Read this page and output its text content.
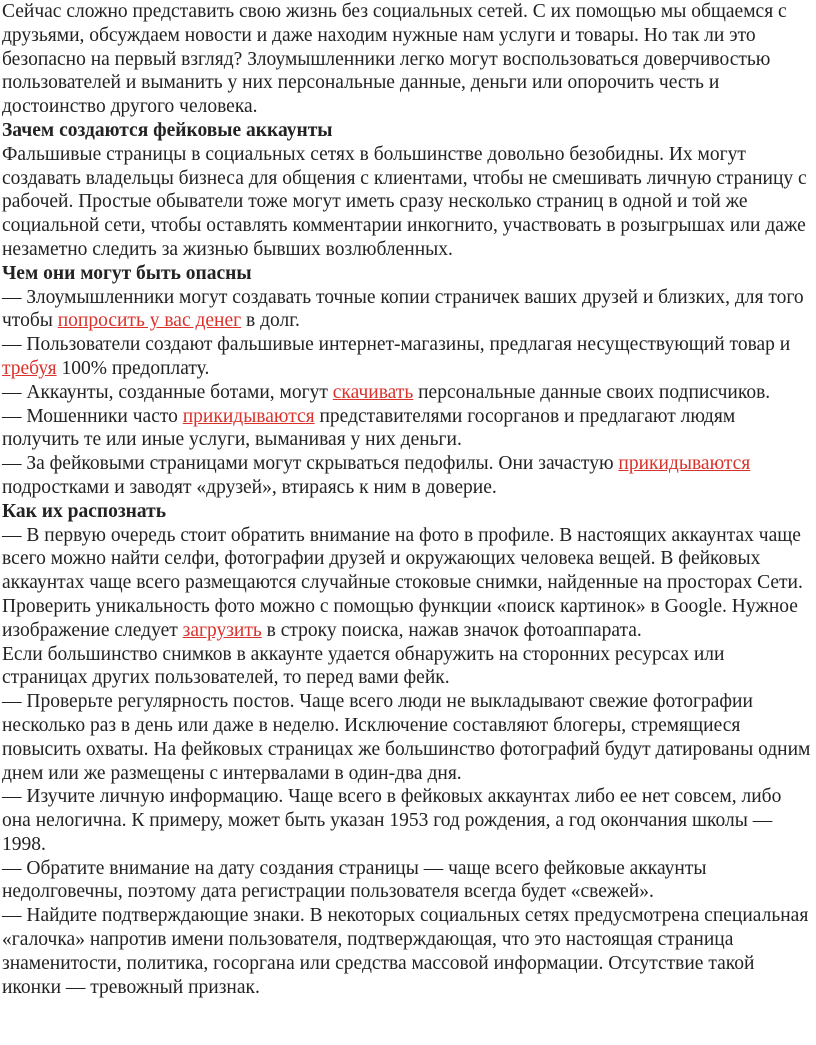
Сейчас сложно представить свою жизнь без социальных сетей. С их помощью мы общаемся с друзьями, обсуждаем новости и даже находим нужные нам услуги и товары. Но так ли это безопасно на первый взгляд? Злоумышленники легко могут воспользоваться доверчивостью пользователей и выманить у них персональные данные, деньги или опорочить честь и достоинство другого человека.

Зачем создаются фейковые аккаунты

Фальшивые страницы в социальных сетях в большинстве довольно безобидны. Их могут создавать владельцы бизнеса для общения с клиентами, чтобы не смешивать личную страницу с рабочей. Простые обыватели тоже могут иметь сразу несколько страниц в одной и той же социальной сети, чтобы оставлять комментарии инкогнито, участвовать в розыгрышах или даже незаметно следить за жизнью бывших возлюбленных.

Чем они могут быть опасны

— Злоумышленники могут создавать точные копии страничек ваших друзей и близких, для того чтобы попросить у вас денег в долг.

— Пользователи создают фальшивые интернет-магазины, предлагая несуществующий товар и требуя 100% предоплату.

— Аккаунты, созданные ботами, могут скачивать персональные данные своих подписчиков.

— Мошенники часто прикидываются представителями госорганов и предлагают людям получить те или иные услуги, выманивая у них деньги.

— За фейковыми страницами могут скрываться педофилы. Они зачастую прикидываются подростками и заводят «друзей», втираясь к ним в доверие.

Как их распознать

— В первую очередь стоит обратить внимание на фото в профиле. В настоящих аккаунтах чаще всего можно найти селфи, фотографии друзей и окружающих человека вещей. В фейковых аккаунтах чаще всего размещаются случайные стоковые снимки, найденные на просторах Сети. Проверить уникальность фото можно с помощью функции «поиск картинок» в Google. Нужное изображение следует загрузить в строку поиска, нажав значок фотоаппарата.

Если большинство снимков в аккаунте удается обнаружить на сторонних ресурсах или страницах других пользователей, то перед вами фейк.

— Проверьте регулярность постов. Чаще всего люди не выкладывают свежие фотографии несколько раз в день или даже в неделю. Исключение составляют блогеры, стремящиеся повысить охваты. На фейковых страницах же большинство фотографий будут датированы одним днем или же размещены с интервалами в один-два дня.

— Изучите личную информацию. Чаще всего в фейковых аккаунтах либо ее нет совсем, либо она нелогична. К примеру, может быть указан 1953 год рождения, а год окончания школы — 1998.

— Обратите внимание на дату создания страницы — чаще всего фейковые аккаунты недолговечны, поэтому дата регистрации пользователя всегда будет «свежей».

— Найдите подтверждающие знаки. В некоторых социальных сетях предусмотрена специальная «галочка» напротив имени пользователя, подтверждающая, что это настоящая страница знаменитости, политика, госоргана или средства массовой информации. Отсутствие такой иконки — тревожный признак.
